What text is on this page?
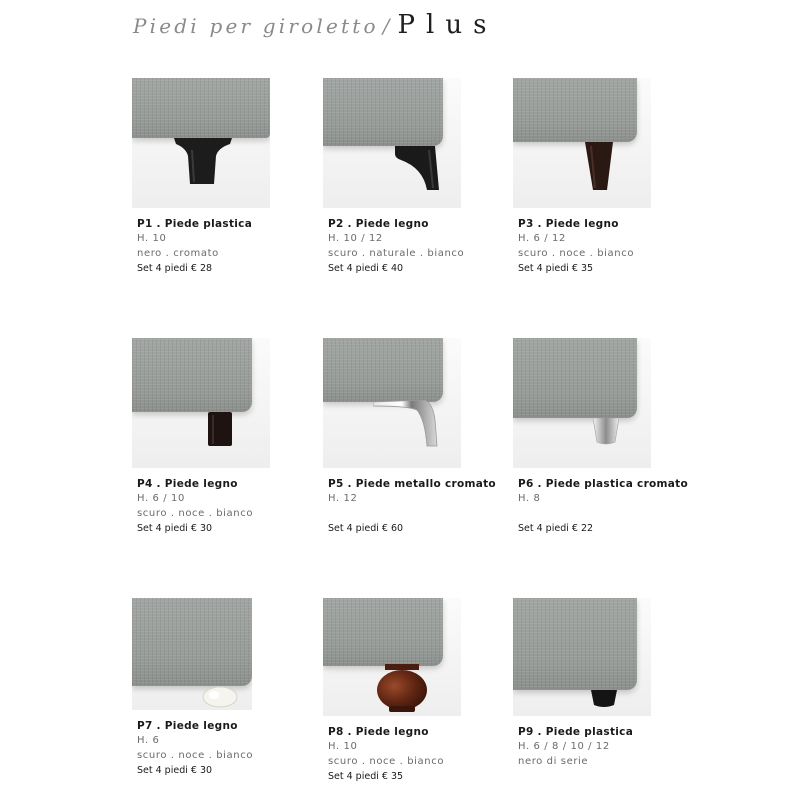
Piedi per giroletto / Plus
P1 . Piede plastica
H. 10
nero . cromato
Set 4 piedi € 28
P2 . Piede legno
H. 10 / 12
scuro . naturale . bianco
Set 4 piedi € 40
P3 . Piede legno
H. 6 / 12
scuro . noce . bianco
Set 4 piedi € 35
P4 . Piede legno
H. 6 / 10
scuro . noce . bianco
Set 4 piedi € 30
P5 . Piede metallo cromato
H. 12
Set 4 piedi € 60
P6 . Piede plastica cromato
H. 8
Set 4 piedi € 22
P7 . Piede legno
H. 6
scuro . noce . bianco
Set 4 piedi € 30
P8 . Piede legno
H. 10
scuro . noce . bianco
Set 4 piedi € 35
P9 . Piede plastica
H. 6 / 8 / 10 / 12
nero di serie
